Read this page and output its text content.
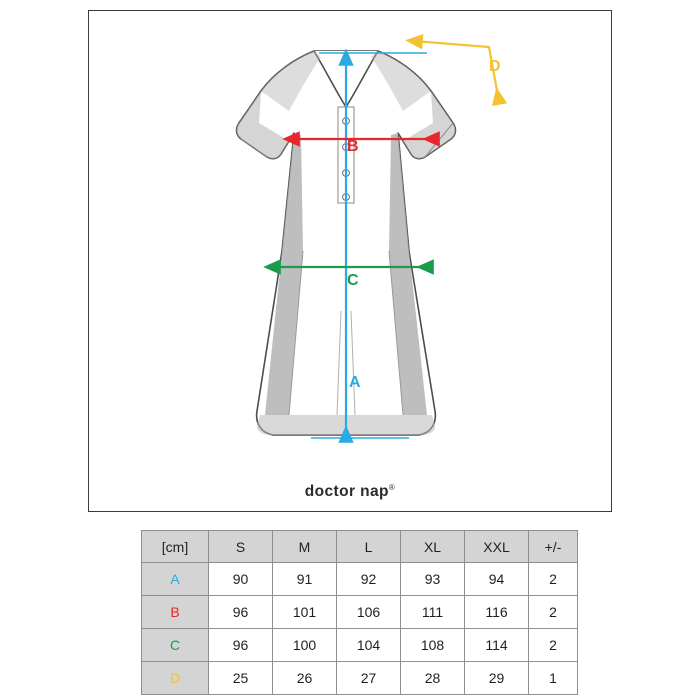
A
B
C
D
doctor nap®
[cm]	S	M	L	XL	XXL	+/-
A	90	91	92	93	94	2
B	96	101	106	111	116	2
C	96	100	104	108	114	2
D	25	26	27	28	29	1
